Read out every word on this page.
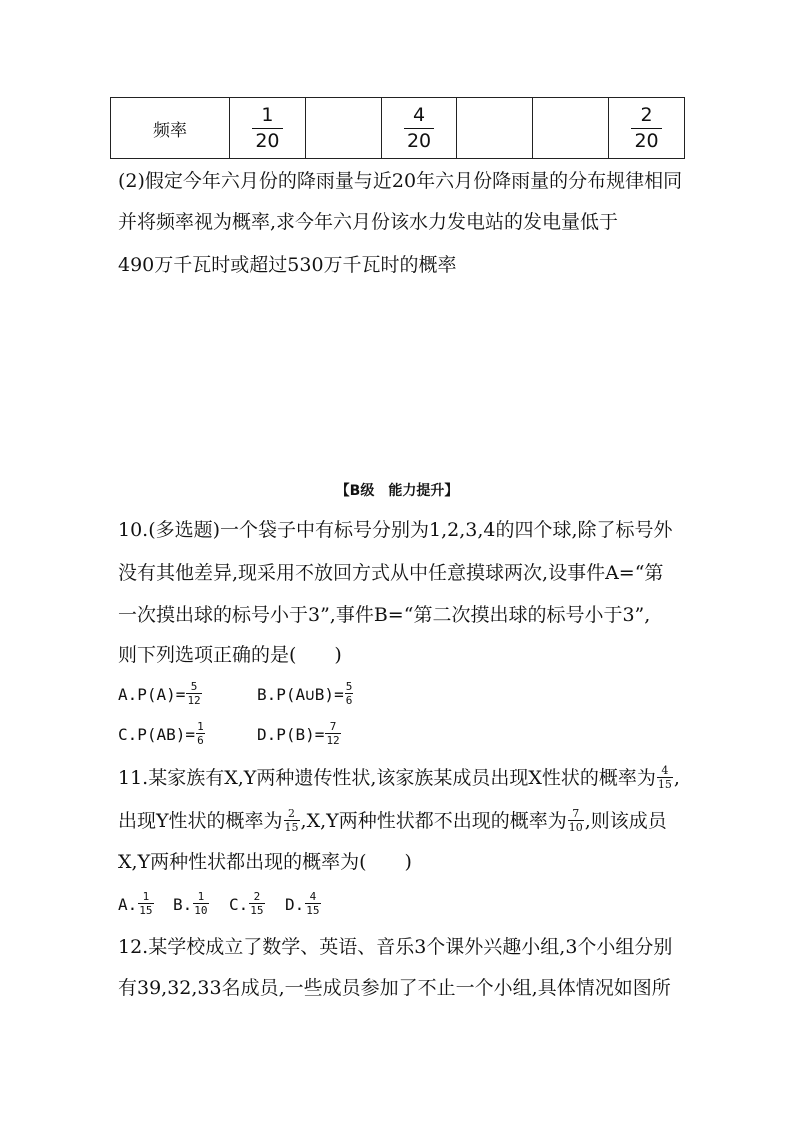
频率	$\frac{1}{20}$		$\frac{4}{20}$			$\frac{2}{20}$
(2)假定今年六月份的降雨量与近20年六月份降雨量的分布规律相同
并将频率视为概率,求今年六月份该水力发电站的发电量低于
490万千瓦时或超过530万千瓦时的概率
【B级　能力提升】
10.(多选题)一个袋子中有标号分别为1,2,3,4的四个球,除了标号外
没有其他差异,现采用不放回方式从中任意摸球两次,设事件A=“第
一次摸出球的标号小于3”,事件B=“第二次摸出球的标号小于3”,
则下列选项正确的是(　　)
$A.P(A)= \frac{5}{12}$	B.P(A∪B)= $\frac{5}{6}$
$C.P(AB)= \frac{1}{6}$	$D.P(B)= \frac{7}{12}$
11.某家族有X,Y两种遗传性状,该家族某成员出现X性状的概率为 $\frac{4}{15}$ ,
出现Y性状的概率为 $\frac{2}{15} ,X,Y$两种性状都不出现的概率为 $\frac{7}{10}$ ,则该成员
X,Y两种性状都出现的概率为(　　)
A. $\frac{1}{15} B$. $\frac{1}{10} C$. $\frac{2}{15} D$. $\frac{4}{15}$
12.某学校成立了数学、英语、音乐3个课外兴趣小组,3个小组分别
有39,32,33名成员,一些成员参加了不止一个小组,具体情况如图所
